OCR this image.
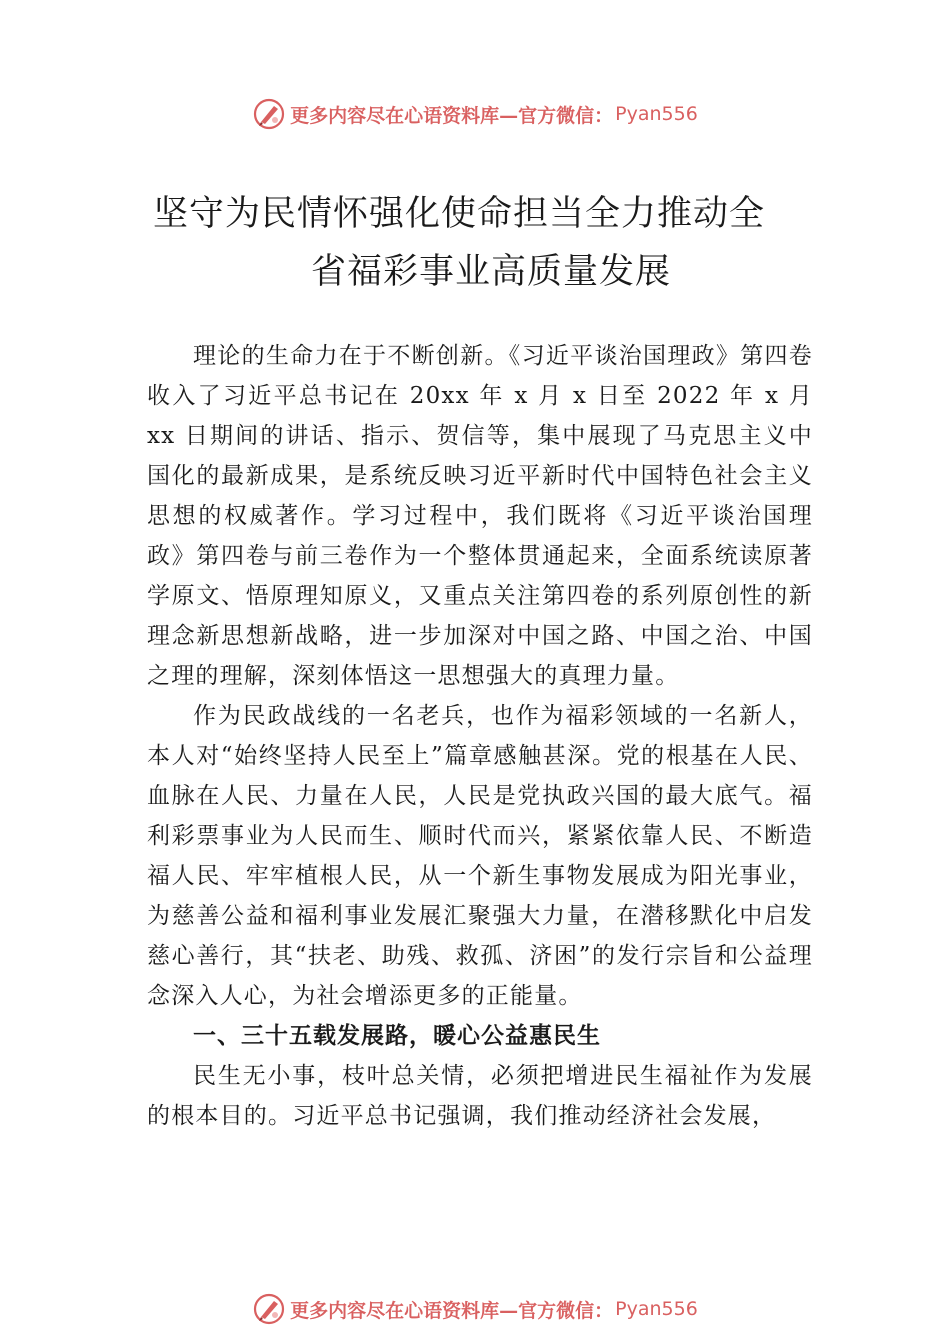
更多内容尽在心语资料库—官方微信： Pyan556
坚守为民情怀强化使命担当全力推动全
省福彩事业高质量发展

理论的生命力在于不断创新。《习近平谈治国理政》第四卷收入了习近平总书记在 20xx 年 x 月 x 日至 2022 年 x 月 xx 日期间的讲话、指示、贺信等，集中展现了马克思主义中国化的最新成果，是系统反映习近平新时代中国特色社会主义思想的权威著作。学习过程中，我们既将《习近平谈治国理政》第四卷与前三卷作为一个整体贯通起来，全面系统读原著学原文、悟原理知原义，又重点关注第四卷的系列原创性的新理念新思想新战略，进一步加深对中国之路、中国之治、中国之理的理解，深刻体悟这一思想强大的真理力量。

作为民政战线的一名老兵，也作为福彩领域的一名新人，本人对“始终坚持人民至上”篇章感触甚深。党的根基在人民、血脉在人民、力量在人民，人民是党执政兴国的最大底气。福利彩票事业为人民而生、顺时代而兴，紧紧依靠人民、不断造福人民、牢牢植根人民，从一个新生事物发展成为阳光事业，为慈善公益和福利事业发展汇聚强大力量，在潜移默化中启发慈心善行，其“扶老、助残、救孤、济困”的发行宗旨和公益理念深入人心，为社会增添更多的正能量。

一、三十五载发展路，暖心公益惠民生

民生无小事，枝叶总关情，必须把增进民生福祉作为发展的根本目的。习近平总书记强调，我们推动经济社会发展，

更多内容尽在心语资料库—官方微信： Pyan556
